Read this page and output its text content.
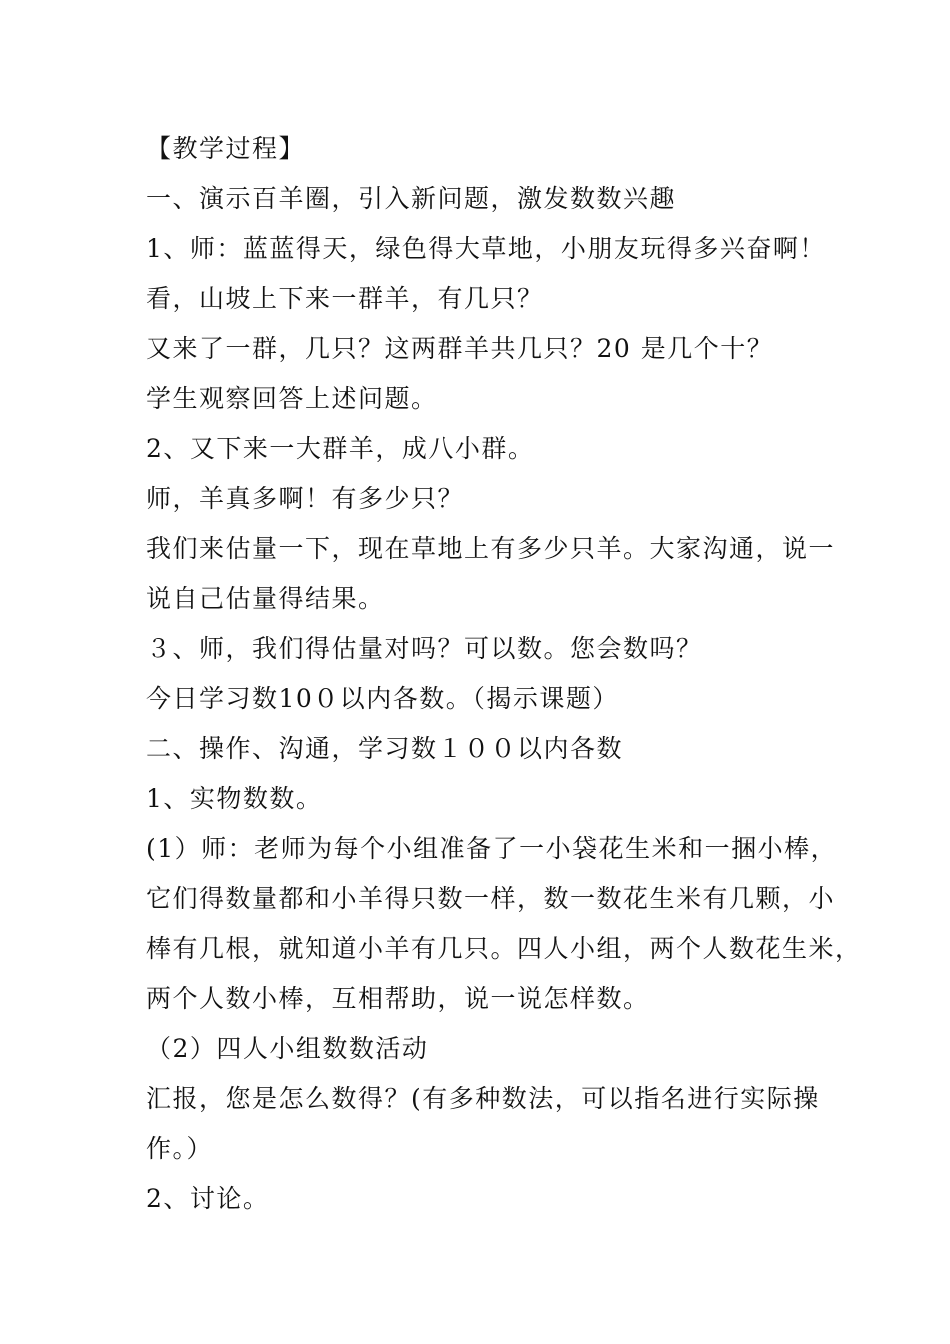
【教学过程】
一、演示百羊圈，引入新问题，激发数数兴趣
1、师：蓝蓝得天，绿色得大草地，小朋友玩得多兴奋啊！
看，山坡上下来一群羊，有几只？
又来了一群，几只？这两群羊共几只？20 是几个十？
学生观察回答上述问题。
2、又下来一大群羊，成八小群。
师，羊真多啊！有多少只？
我们来估量一下，现在草地上有多少只羊。大家沟通，说一
说自己估量得结果。
３、师，我们得估量对吗？可以数。您会数吗？
今日学习数10０以内各数。（揭示课题）
二、操作、沟通，学习数１００以内各数
1、实物数数。
(1）师：老师为每个小组准备了一小袋花生米和一捆小棒，
它们得数量都和小羊得只数一样，数一数花生米有几颗，小
棒有几根，就知道小羊有几只。四人小组，两个人数花生米，
两个人数小棒，互相帮助，说一说怎样数。
（2）四人小组数数活动
汇报，您是怎么数得？(有多种数法，可以指名进行实际操
作。）
2、讨论。
